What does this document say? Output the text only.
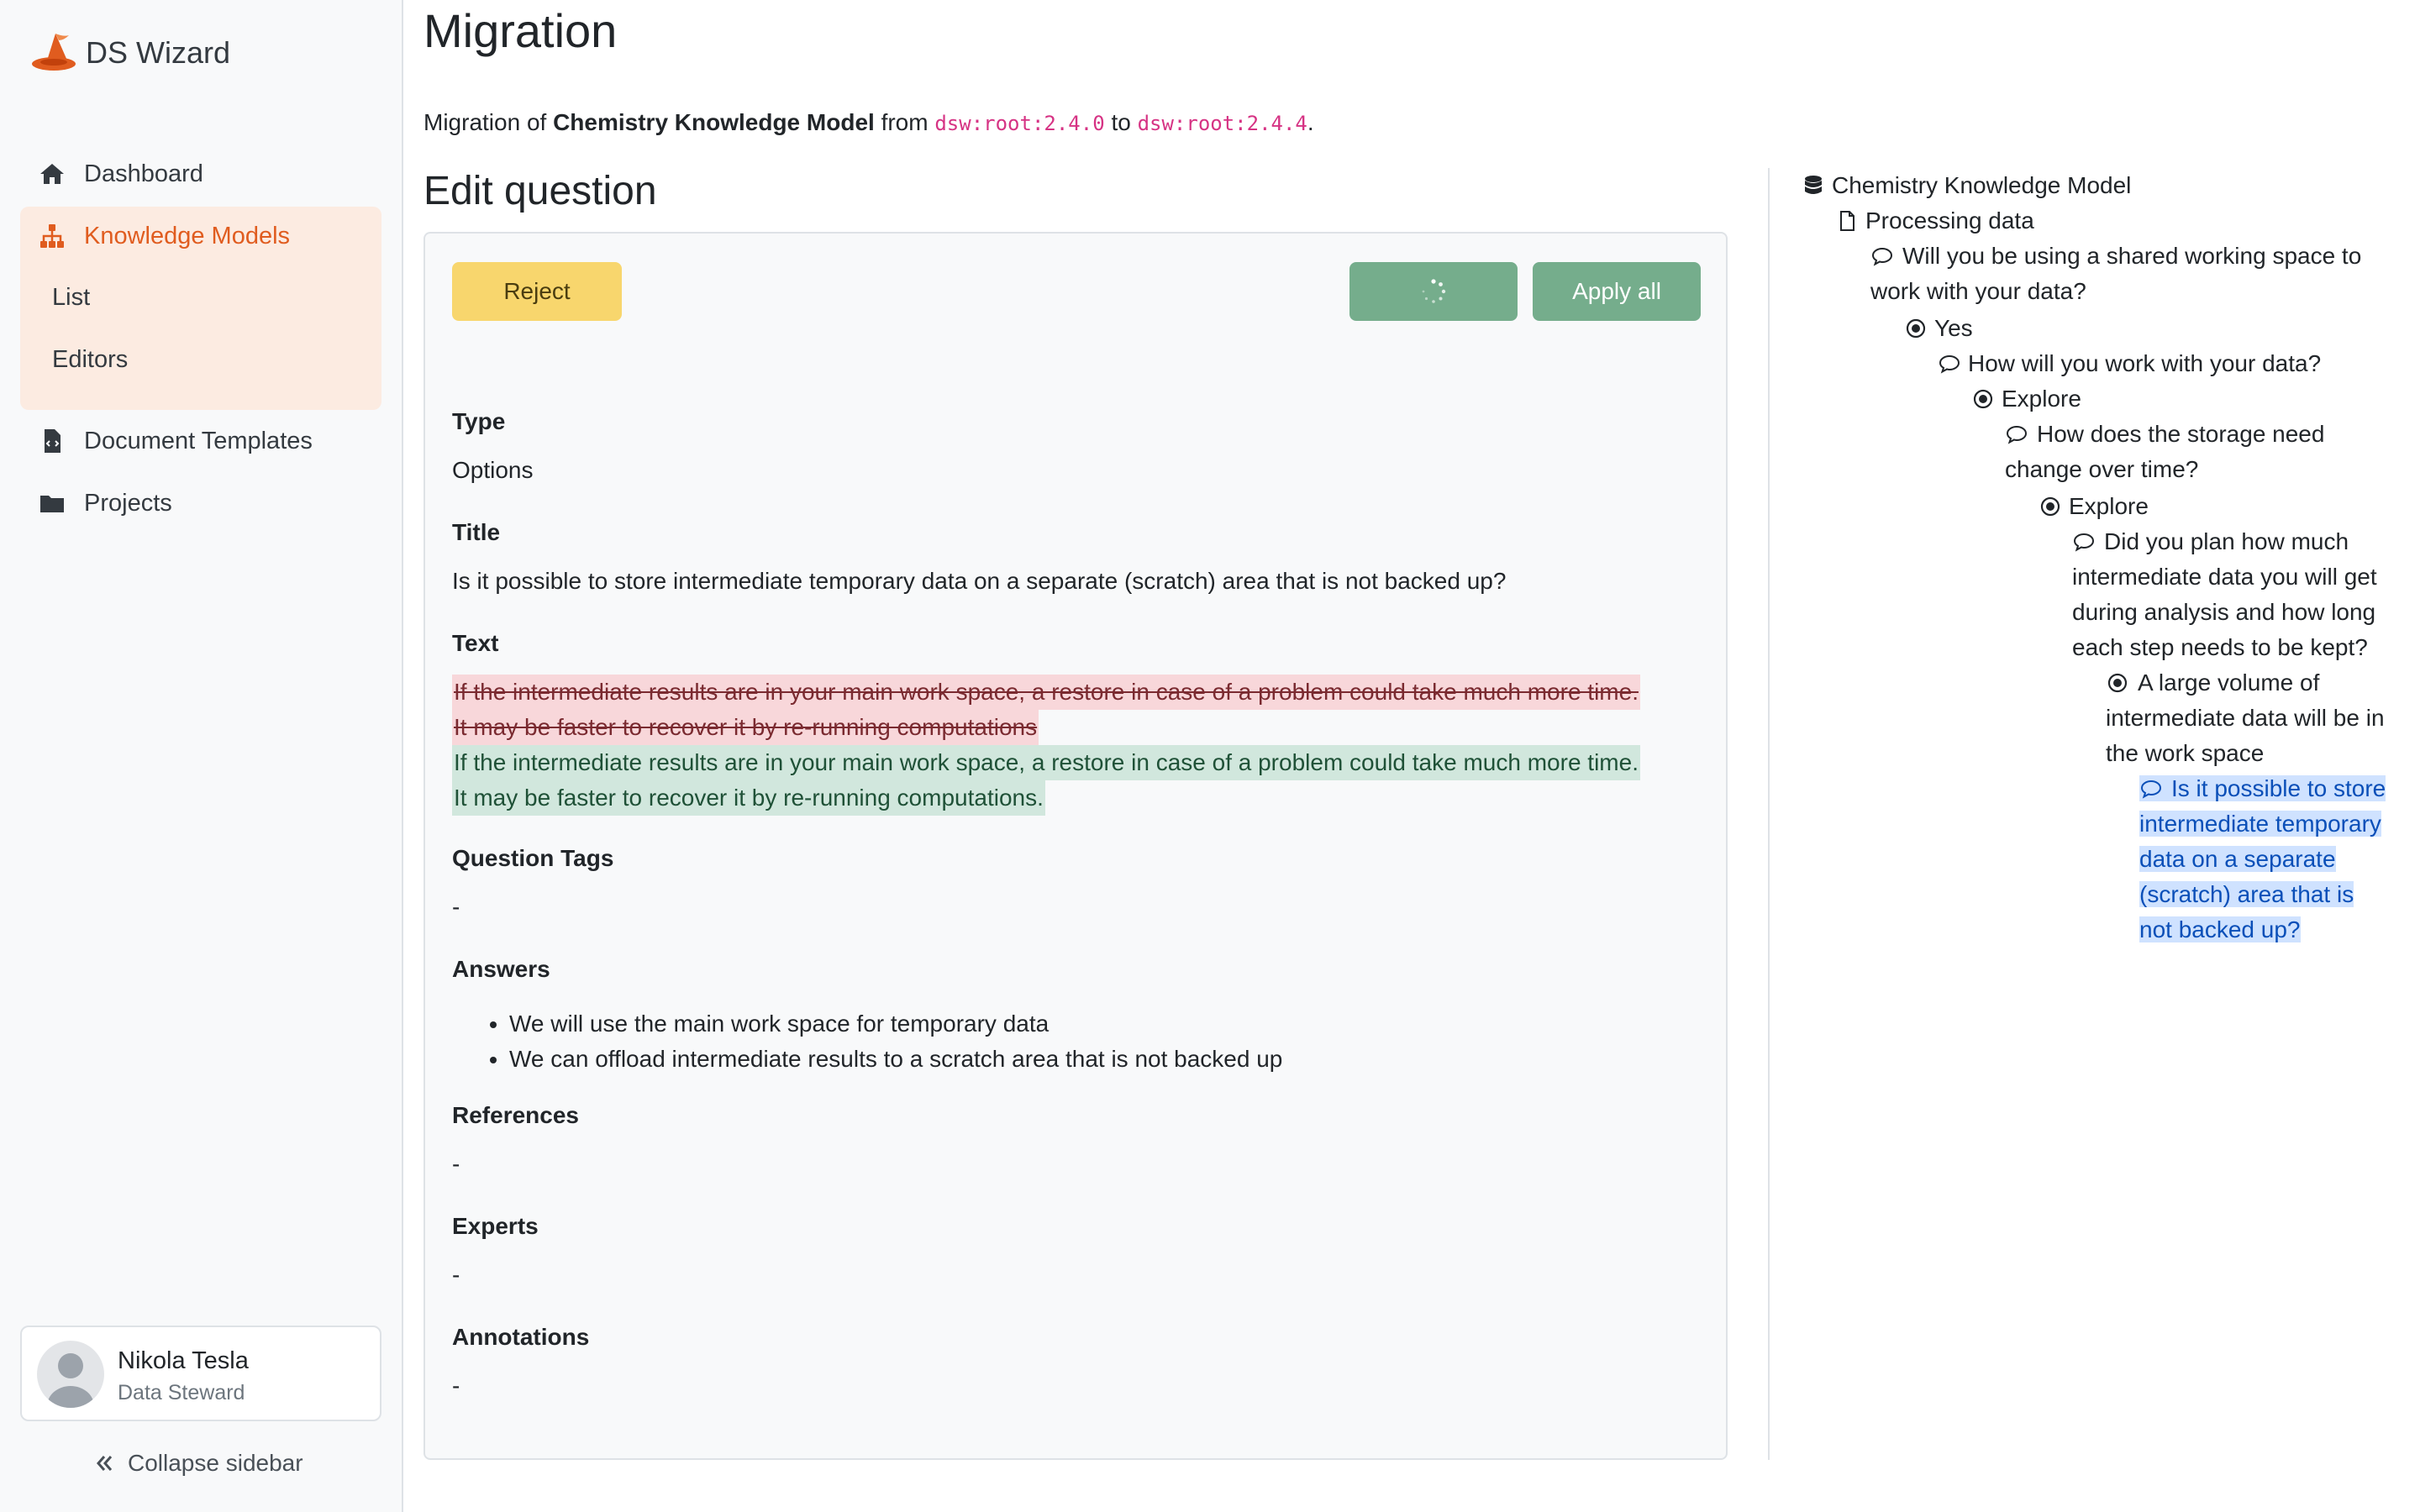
DS Wizard
Dashboard
Knowledge Models
List
Editors
Document Templates
Projects
Nikola Tesla
Data Steward
Collapse sidebar
Migration
Migration of Chemistry Knowledge Model from dsw:root:2.4.0 to dsw:root:2.4.4.
Edit question
Reject	Apply all
Type
Options
Title
Is it possible to store intermediate temporary data on a separate (scratch) area that is not backed up?
Text
If the intermediate results are in your main work space, a restore in case of a problem could take much more time.
It may be faster to recover it by re-running computations
If the intermediate results are in your main work space, a restore in case of a problem could take much more time.
It may be faster to recover it by re-running computations.
Question Tags
-
Answers
• We will use the main work space for temporary data
• We can offload intermediate results to a scratch area that is not backed up
References
-
Experts
-
Annotations
-
Chemistry Knowledge Model
Processing data
Will you be using a shared working space to
work with your data?
Yes
How will you work with your data?
Explore
How does the storage need
change over time?
Explore
Did you plan how much
intermediate data you will get
during analysis and how long
each step needs to be kept?
A large volume of
intermediate data will be in
the work space
Is it possible to store
intermediate temporary
data on a separate
(scratch) area that is
not backed up?
